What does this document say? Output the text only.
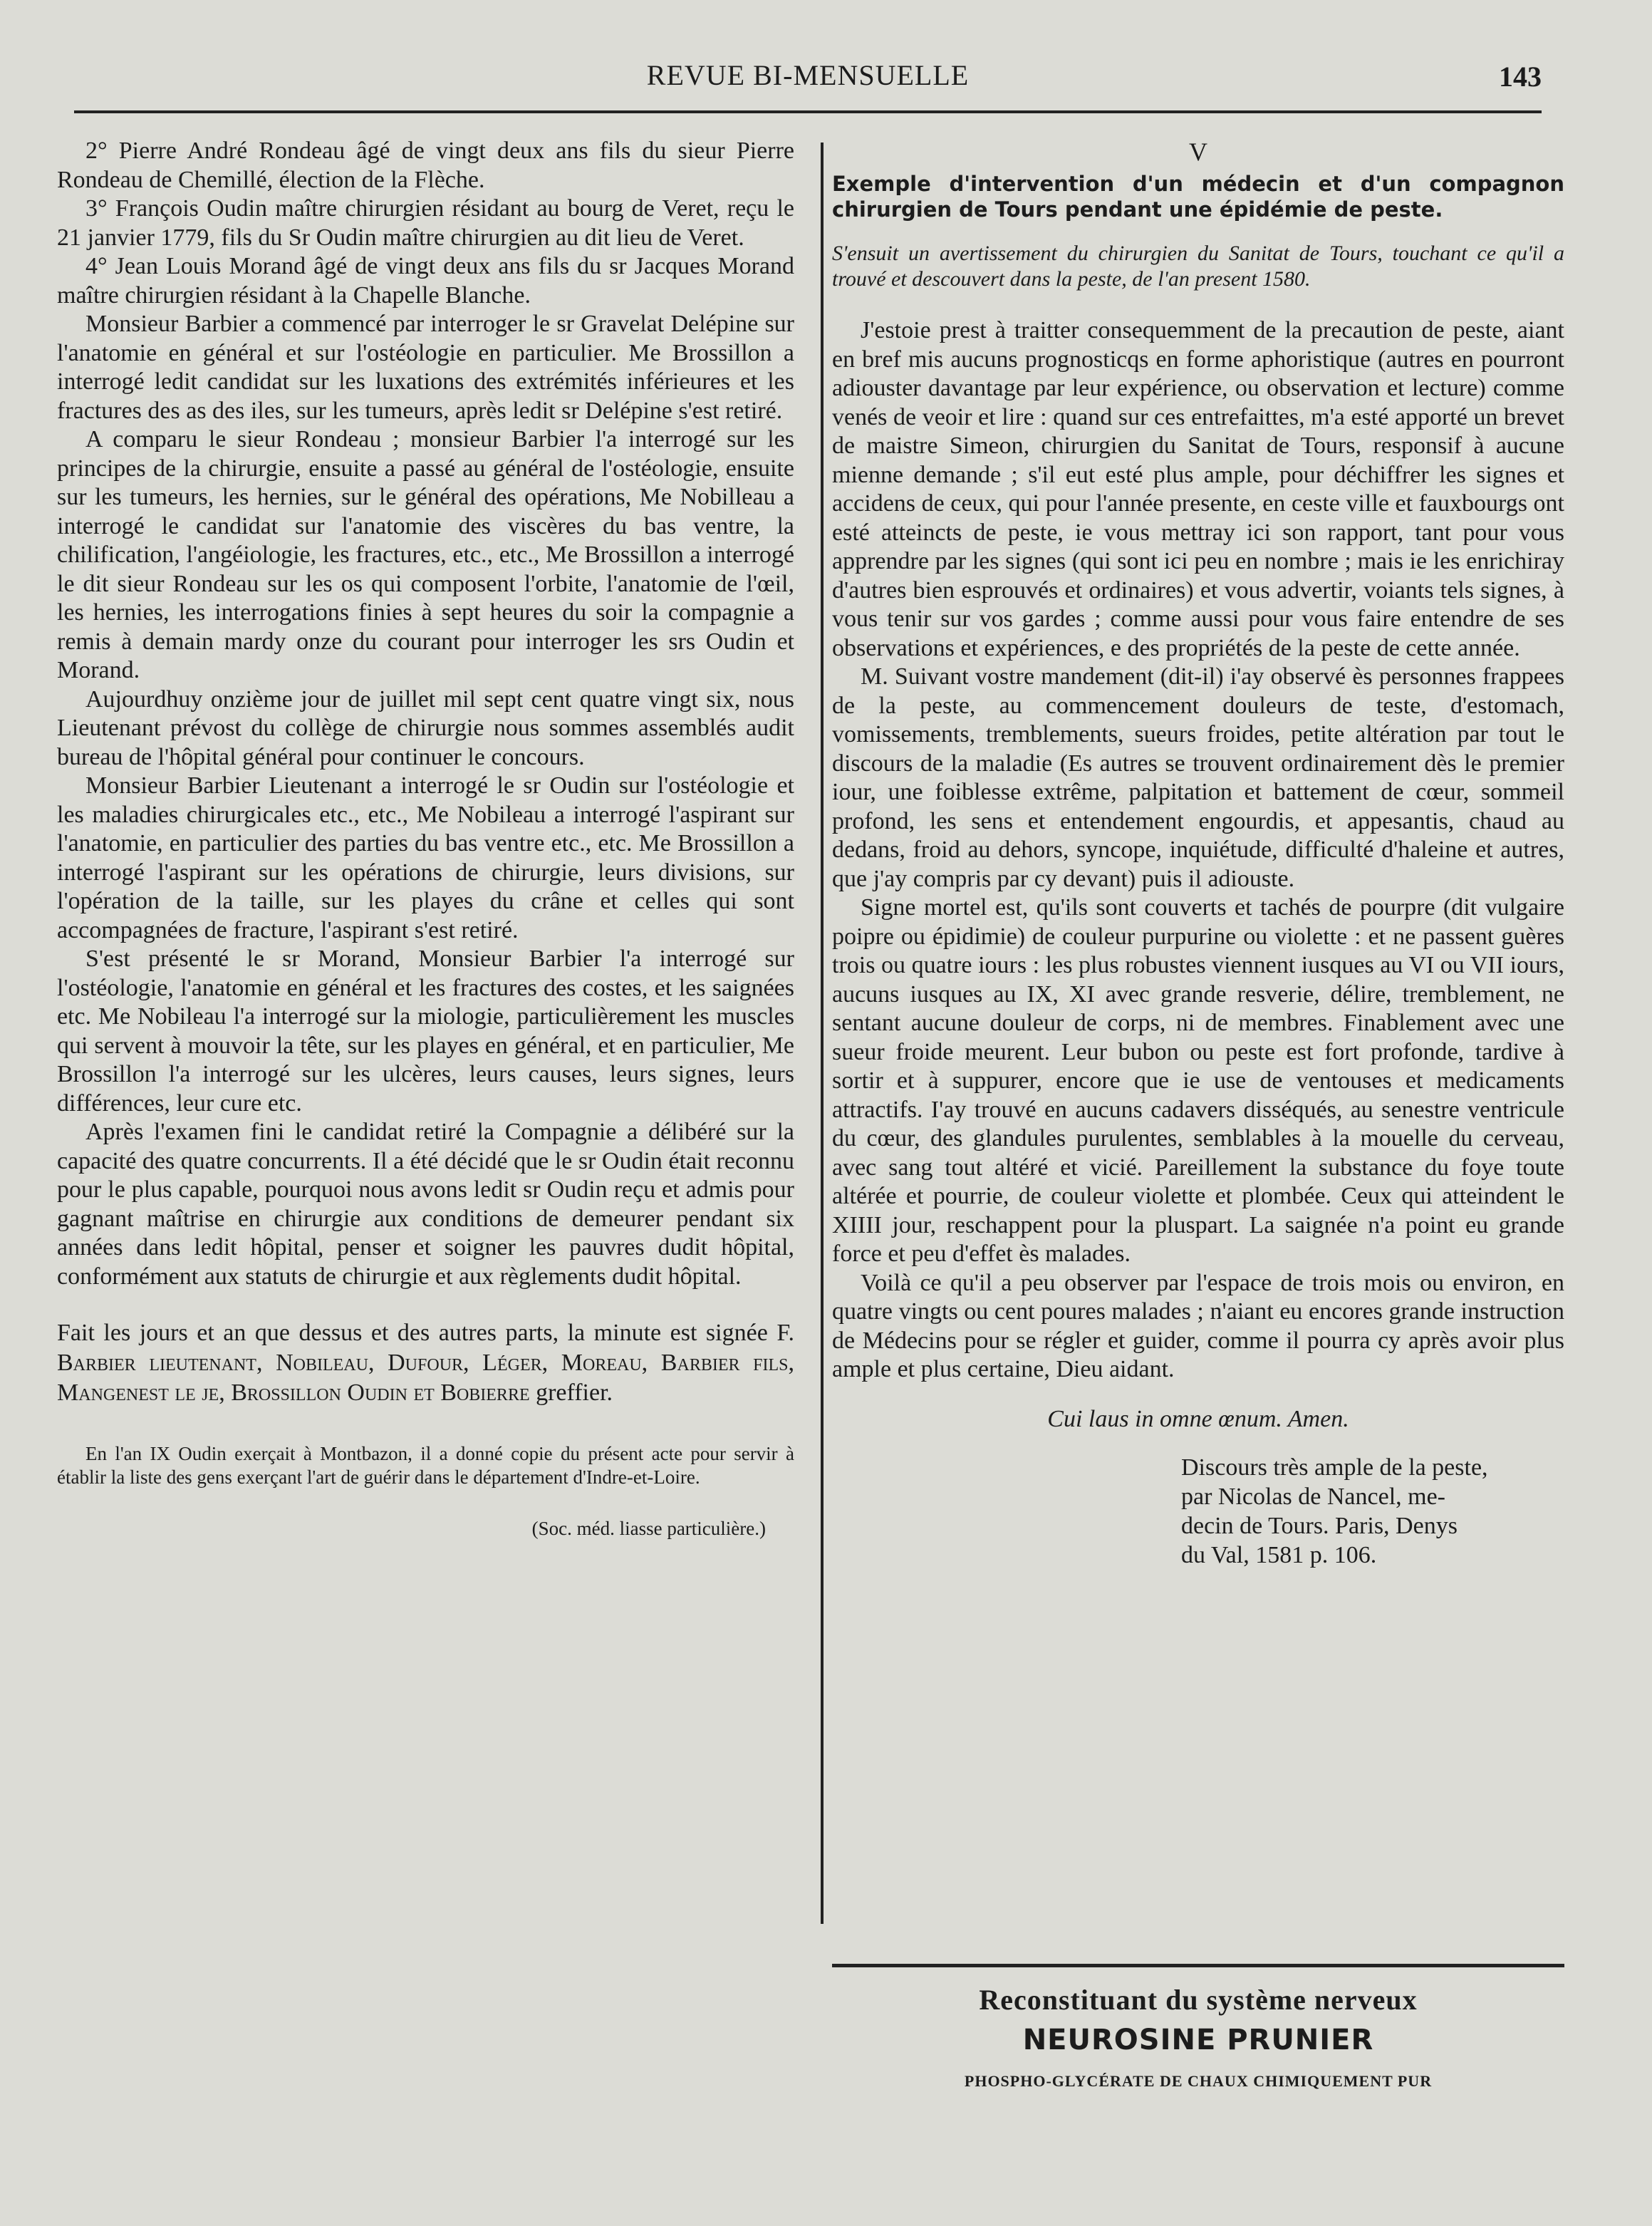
REVUE BI-MENSUELLE	143

2° Pierre André Rondeau âgé de vingt deux ans fils du sieur Pierre Rondeau de Chemillé, élection de la Flèche.

3° François Oudin maître chirurgien résidant au bourg de Veret, reçu le 21 janvier 1779, fils du Sr Oudin maître chirurgien au dit lieu de Veret.

4° Jean Louis Morand âgé de vingt deux ans fils du sr Jacques Morand maître chirurgien résidant à la Chapelle Blanche.

Monsieur Barbier a commencé par interroger le sr Gravelat Delépine sur l'anatomie en général et sur l'ostéologie en particulier. Me Brossillon a interrogé ledit candidat sur les luxations des extrémités inférieures et les fractures des as des iles, sur les tumeurs, après ledit sr Delépine s'est retiré.

A comparu le sieur Rondeau ; monsieur Barbier l'a interrogé sur les principes de la chirurgie, ensuite a passé au général de l'ostéologie, ensuite sur les tumeurs, les hernies, sur le général des opérations, Me Nobilleau a interrogé le candidat sur l'anatomie des viscères du bas ventre, la chilification, l'angéiologie, les fractures, etc., etc., Me Brossillon a interrogé le dit sieur Rondeau sur les os qui composent l'orbite, l'anatomie de l'œil, les hernies, les interrogations finies à sept heures du soir la compagnie a remis à demain mardy onze du courant pour interroger les srs Oudin et Morand.

Aujourdhuy onzième jour de juillet mil sept cent quatre vingt six, nous Lieutenant prévost du collège de chirurgie nous sommes assemblés audit bureau de l'hôpital général pour continuer le concours.

Monsieur Barbier Lieutenant a interrogé le sr Oudin sur l'ostéologie et les maladies chirurgicales etc., etc., Me Nobileau a interrogé l'aspirant sur l'anatomie, en particulier des parties du bas ventre etc., etc. Me Brossillon a interrogé l'aspirant sur les opérations de chirurgie, leurs divisions, sur l'opération de la taille, sur les playes du crâne et celles qui sont accompagnées de fracture, l'aspirant s'est retiré.

S'est présenté le sr Morand, Monsieur Barbier l'a interrogé sur l'ostéologie, l'anatomie en général et les fractures des costes, et les saignées etc. Me Nobileau l'a interrogé sur la miologie, particulièrement les muscles qui servent à mouvoir la tête, sur les playes en général, et en particulier, Me Brossillon l'a interrogé sur les ulcères, leurs causes, leurs signes, leurs différences, leur cure etc.

Après l'examen fini le candidat retiré la Compagnie a délibéré sur la capacité des quatre concurrents. Il a été décidé que le sr Oudin était reconnu pour le plus capable, pourquoi nous avons ledit sr Oudin reçu et admis pour gagnant maîtrise en chirurgie aux conditions de demeurer pendant six années dans ledit hôpital, penser et soigner les pauvres dudit hôpital, conformément aux statuts de chirurgie et aux règlements dudit hôpital.

Fait les jours et an que dessus et des autres parts, la minute est signée F. Barbier lieutenant, Nobileau, Dufour, Léger, Moreau, Barbier fils, Mangenest le je, Brossillon Oudin et Bobierre greffier.

En l'an IX Oudin exerçait à Montbazon, il a donné copie du présent acte pour servir à établir la liste des gens exerçant l'art de guérir dans le département d'Indre-et-Loire.

(Soc. méd. liasse particulière.)
V

Exemple d'intervention d'un médecin et d'un compagnon chirurgien de Tours pendant une épidémie de peste.

S'ensuit un avertissement du chirurgien du Sanitat de Tours, touchant ce qu'il a trouvé et descouvert dans la peste, de l'an present 1580.

J'estoie prest à traitter consequemment de la precaution de peste, aiant en bref mis aucuns prognosticqs en forme aphoristique (autres en pourront adiouster davantage par leur expérience, ou observation et lecture) comme venés de veoir et lire : quand sur ces entrefaittes, m'a esté apporté un brevet de maistre Simeon, chirurgien du Sanitat de Tours, responsif à aucune mienne demande ; s'il eut esté plus ample, pour déchiffrer les signes et accidens de ceux, qui pour l'année presente, en ceste ville et fauxbourgs ont esté atteincts de peste, ie vous mettray ici son rapport, tant pour vous apprendre par les signes (qui sont ici peu en nombre ; mais ie les enrichiray d'autres bien esprouvés et ordinaires) et vous advertir, voiants tels signes, à vous tenir sur vos gardes ; comme aussi pour vous faire entendre de ses observations et expériences, e des propriétés de la peste de cette année.

M. Suivant vostre mandement (dit-il) i'ay observé ès personnes frappees de la peste, au commencement douleurs de teste, d'estomach, vomissements, tremblements, sueurs froides, petite altération par tout le discours de la maladie (Es autres se trouvent ordinairement dès le premier iour, une foiblesse extrême, palpitation et battement de cœur, sommeil profond, les sens et entendement engourdis, et appesantis, chaud au dedans, froid au dehors, syncope, inquiétude, difficulté d'haleine et autres, que j'ay compris par cy devant) puis il adiouste.

Signe mortel est, qu'ils sont couverts et tachés de pourpre (dit vulgaire poipre ou épidimie) de couleur purpurine ou violette : et ne passent guères trois ou quatre iours : les plus robustes viennent iusques au VI ou VII iours, aucuns iusques au IX, XI avec grande resverie, délire, tremblement, ne sentant aucune douleur de corps, ni de membres. Finablement avec une sueur froide meurent. Leur bubon ou peste est fort profonde, tardive à sortir et à suppurer, encore que ie use de ventouses et medicaments attractifs. I'ay trouvé en aucuns cadavers disséqués, au senestre ventricule du cœur, des glandules purulentes, semblables à la mouelle du cerveau, avec sang tout altéré et vicié. Pareillement la substance du foye toute altérée et pourrie, de couleur violette et plombée. Ceux qui atteindent le XIIII jour, reschappent pour la pluspart. La saignée n'a point eu grande force et peu d'effet ès malades.

Voilà ce qu'il a peu observer par l'espace de trois mois ou environ, en quatre vingts ou cent poures malades ; n'aiant eu encores grande instruction de Médecins pour se régler et guider, comme il pourra cy après avoir plus ample et plus certaine, Dieu aidant.

Cui laus in omne œnum. Amen.
Discours très ample de la peste,
par Nicolas de Nancel, me-
decin de Tours. Paris, Denys
du Val, 1581 p. 106.
Reconstituant du système nerveux
NEUROSINE PRUNIER
PHOSPHO-GLYCÉRATE DE CHAUX CHIMIQUEMENT PUR
